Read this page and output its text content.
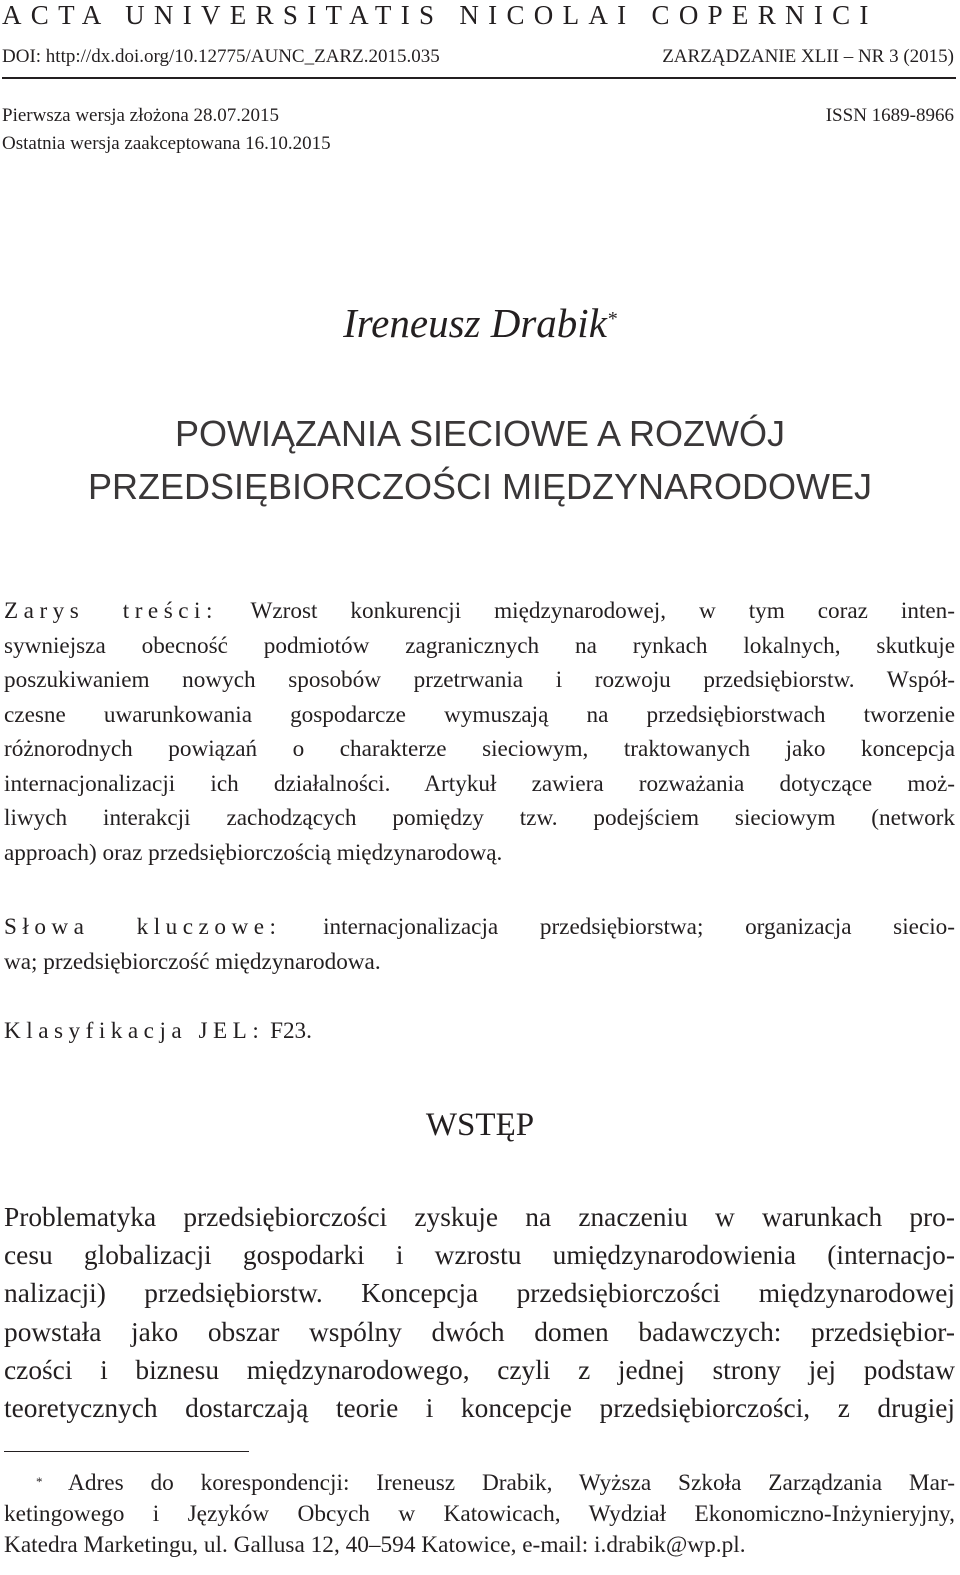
ACTA UNIVERSITATIS NICOLAI COPERNICI
DOI: http://dx.doi.org/10.12775/AUNC_ZARZ.2015.035	ZARZĄDZANIE XLII – NR 3 (2015)
Pierwsza wersja złożona 28.07.2015	ISSN 1689-8966
Ostatnia wersja zaakceptowana 16.10.2015
Ireneusz Drabik*
POWIĄZANIA SIECIOWE A ROZWÓJ
PRZEDSIĘBIORCZOŚCI MIĘDZYNARODOWEJ
Zarys treści: Wzrost konkurencji międzynarodowej, w tym coraz inten-
sywniejsza obecność podmiotów zagranicznych na rynkach lokalnych, skutkuje
poszukiwaniem nowych sposobów przetrwania i rozwoju przedsiębiorstw. Współ-
czesne uwarunkowania gospodarcze wymuszają na przedsiębiorstwach tworzenie
różnorodnych powiązań o charakterze sieciowym, traktowanych jako koncepcja
internacjonalizacji ich działalności. Artykuł zawiera rozważania dotyczące moż-
liwych interakcji zachodzących pomiędzy tzw. podejściem sieciowym (network
approach) oraz przedsiębiorczością międzynarodową.
Słowa kluczowe: internacjonalizacja przedsiębiorstwa; organizacja siecio-
wa; przedsiębiorczość międzynarodowa.
Klasyfikacja JEL: F23.
WSTĘP
Problematyka przedsiębiorczości zyskuje na znaczeniu w warunkach pro-
cesu globalizacji gospodarki i wzrostu umiędzynarodowienia (internacjo-
nalizacji) przedsiębiorstw. Koncepcja przedsiębiorczości międzynarodowej
powstała jako obszar wspólny dwóch domen badawczych: przedsiębior-
czości i biznesu międzynarodowego, czyli z jednej strony jej podstaw
teoretycznych dostarczają teorie i koncepcje przedsiębiorczości, z drugiej
* Adres do korespondencji: Ireneusz Drabik, Wyższa Szkoła Zarządzania Mar-
ketingowego i Języków Obcych w Katowicach, Wydział Ekonomiczno-Inżynieryjny,
Katedra Marketingu, ul. Gallusa 12, 40–594 Katowice, e-mail: i.drabik@wp.pl.
